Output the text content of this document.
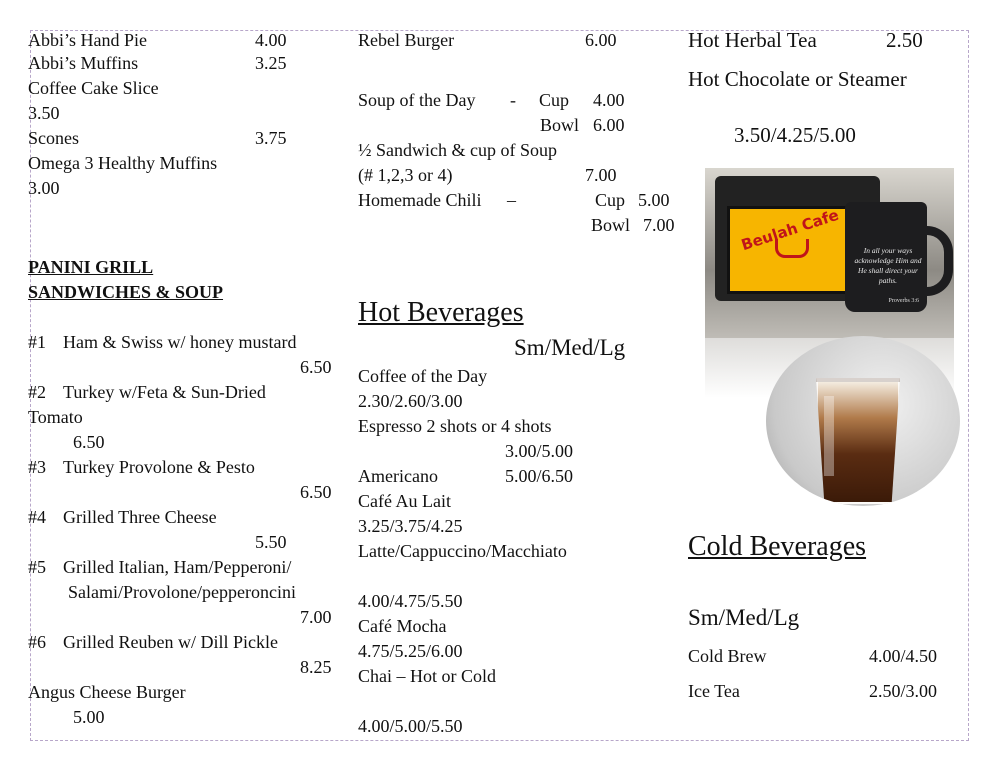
Abbi’s Hand Pie	4.00
Abbi’s Muffins	3.25
Coffee Cake Slice
3.50
Scones	3.75
Omega 3 Healthy Muffins
3.00
PANINI GRILL
SANDWICHES & SOUP
#1 Ham & Swiss w/ honey mustard
6.50
#2 Turkey w/Feta & Sun-Dried
Tomato
6.50
#3 Turkey Provolone & Pesto
6.50
#4 Grilled Three Cheese
5.50
#5 Grilled Italian, Ham/Pepperoni/
Salami/Provolone/pepperoncini
7.00
#6 Grilled Reuben w/ Dill Pickle
8.25
Angus Cheese Burger
5.00
Rebel Burger	6.00
Soup of the Day - Cup 4.00
Bowl 6.00
½ Sandwich & cup of Soup
(# 1,2,3 or 4)	7.00
Homemade Chili –	Cup 5.00
Bowl 7.00
Hot Beverages
Sm/Med/Lg
Coffee of the Day
2.30/2.60/3.00
Espresso 2 shots or 4 shots
3.00/5.00
Americano	5.00/6.50
Café Au Lait
3.25/3.75/4.25
Latte/Cappuccino/Macchiato
4.00/4.75/5.50
Café Mocha
4.75/5.25/6.00
Chai – Hot or Cold
4.00/5.00/5.50
Hot Herbal Tea	2.50
Hot Chocolate or Steamer
3.50/4.25/5.00
Beulah Cafe	In all your ways acknowledge Him and He shall direct your paths.
Proverbs 3:6
Cold Beverages
Sm/Med/Lg
Cold Brew	4.00/4.50
Ice Tea	2.50/3.00
